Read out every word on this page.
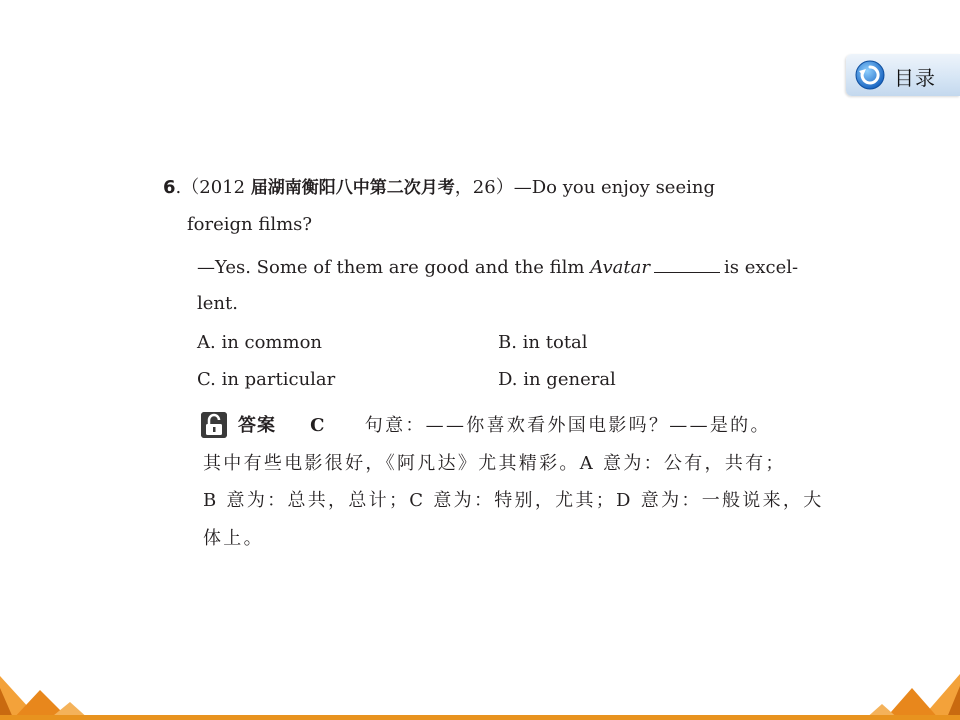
目录
6.（2012 届湖南衡阳八中第二次月考，26）—Do you enjoy seeing
foreign films?
—Yes. Some of them are good and the film Avatar	is excel-
lent.
A. in common	B. in total
C. in particular	D. in general
答案 C 句意：——你喜欢看外国电影吗？——是的。
其中有些电影很好，《阿凡达》尤其精彩。A 意为：公有，共有；
B 意为：总共，总计；C 意为：特别，尤其；D 意为：一般说来，大
体上。
